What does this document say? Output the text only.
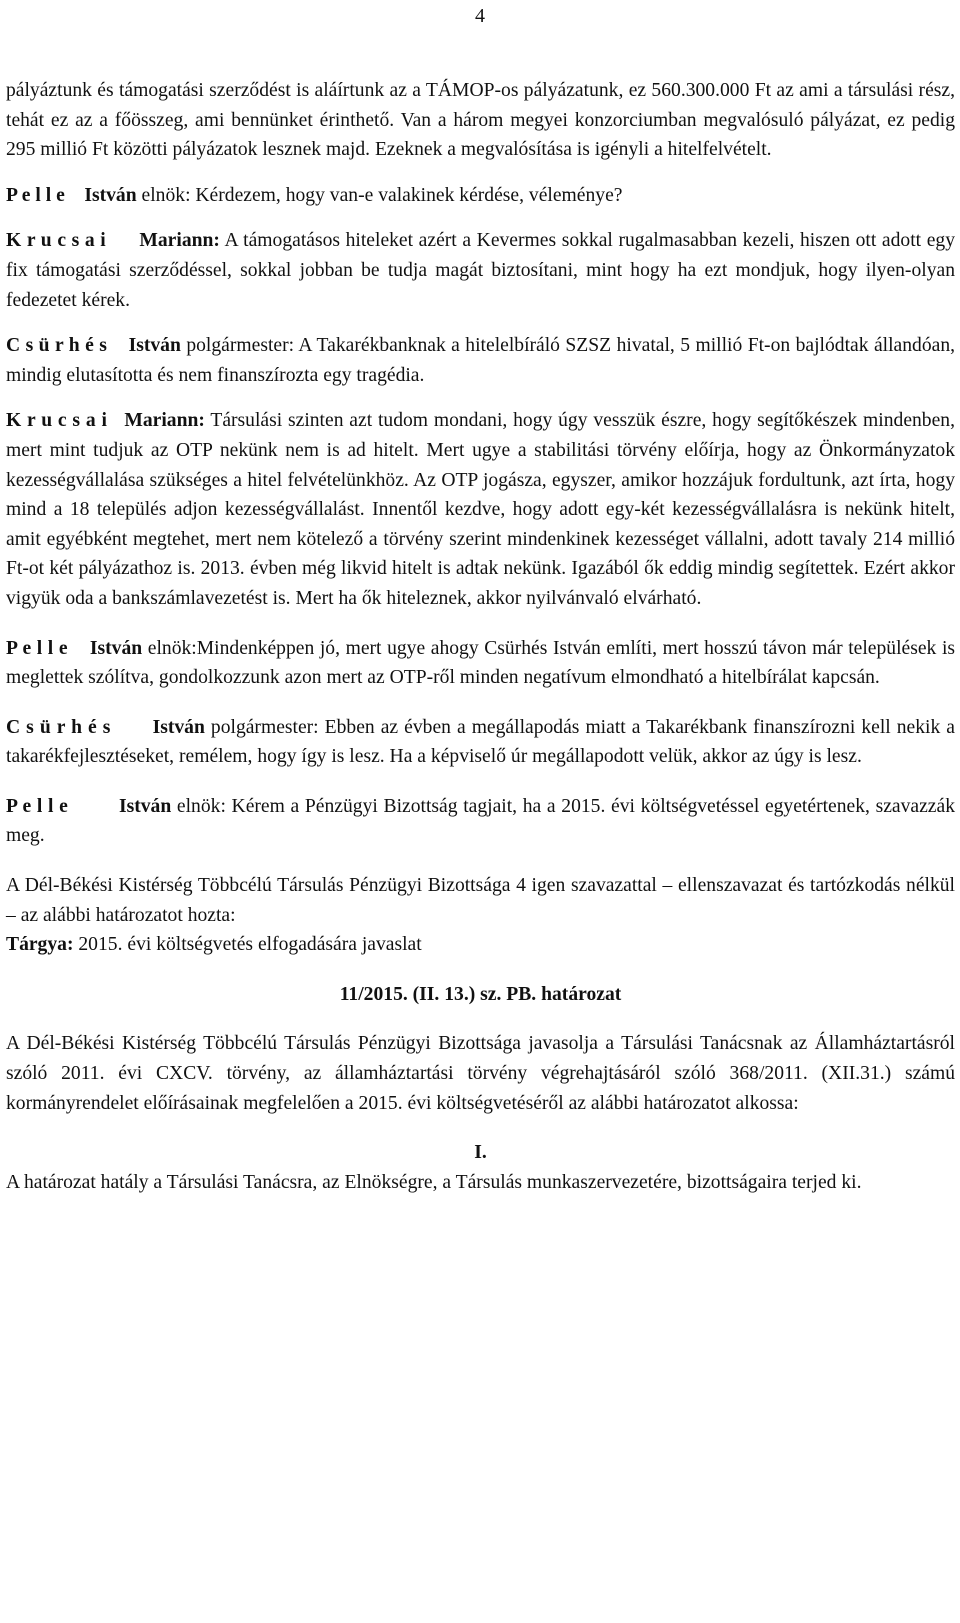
4

pályáztunk és támogatási szerződést is aláírtunk az a TÁMOP-os pályázatunk, ez 560.300.000 Ft az ami a társulási rész, tehát ez az a főösszeg, ami bennünket érinthető. Van a három megyei konzorciumban megvalósuló pályázat, ez pedig 295 millió Ft közötti pályázatok lesznek majd. Ezeknek a megvalósítása is igényli a hitelfelvételt.

P e l l e István elnök: Kérdezem, hogy van-e valakinek kérdése, véleménye?

K r u c s a i Mariann: A támogatásos hiteleket azért a Kevermes sokkal rugalmasabban kezeli, hiszen ott adott egy fix támogatási szerződéssel, sokkal jobban be tudja magát biztosítani, mint hogy ha ezt mondjuk, hogy ilyen-olyan fedezetet kérek.

C s ü r h é s István polgármester: A Takarékbanknak a hitelelbíráló SZSZ hivatal, 5 millió Ft-on bajlódtak állandóan, mindig elutasította és nem finanszírozta egy tragédia.

K r u c s a i Mariann: Társulási szinten azt tudom mondani, hogy úgy vesszük észre, hogy segítőkészek mindenben, mert mint tudjuk az OTP nekünk nem is ad hitelt. Mert ugye a stabilitási törvény előírja, hogy az Önkormányzatok kezességvállalása szükséges a hitel felvételünkhöz. Az OTP jogásza, egyszer, amikor hozzájuk fordultunk, azt írta, hogy mind a 18 település adjon kezességvállalást. Innentől kezdve, hogy adott egy-két kezességvállalásra is nekünk hitelt, amit egyébként megtehet, mert nem kötelező a törvény szerint mindenkinek kezességet vállalni, adott tavaly 214 millió Ft-ot két pályázathoz is. 2013. évben még likvid hitelt is adtak nekünk. Igazából ők eddig mindig segítettek. Ezért akkor vigyük oda a bankszámlavezetést is. Mert ha ők hiteleznek, akkor nyilvánvaló elvárható.

P e l l e István elnök:Mindenképpen jó, mert ugye ahogy Csürhés István említi, mert hosszú távon már települések is meglettek szólítva, gondolkozzunk azon mert az OTP-ről minden negatívum elmondható a hitelbírálat kapcsán.

C s ü r h é s István polgármester: Ebben az évben a megállapodás miatt a Takarékbank finanszírozni kell nekik a takarékfejlesztéseket, remélem, hogy így is lesz. Ha a képviselő úr megállapodott velük, akkor az úgy is lesz.

P e l l e	István elnök: Kérem a Pénzügyi Bizottság tagjait, ha a 2015. évi költségvetéssel egyetértenek, szavazzák meg.

A Dél-Békési Kistérség Többcélú Társulás Pénzügyi Bizottsága 4 igen szavazattal – ellenszavazat és tartózkodás nélkül – az alábbi határozatot hozta:

Tárgya: 2015. évi költségvetés elfogadására javaslat

11/2015. (II. 13.) sz. PB. határozat

A Dél-Békési Kistérség Többcélú Társulás Pénzügyi Bizottsága javasolja a Társulási Tanácsnak az Államháztartásról szóló 2011. évi CXCV. törvény, az államháztartási törvény végrehajtásáról szóló 368/2011. (XII.31.) számú kormányrendelet előírásainak megfelelően a 2015. évi költségvetéséről az alábbi határozatot alkossa:

I.

A határozat hatály a Társulási Tanácsra, az Elnökségre, a Társulás munkaszervezetére, bizottságaira terjed ki.
